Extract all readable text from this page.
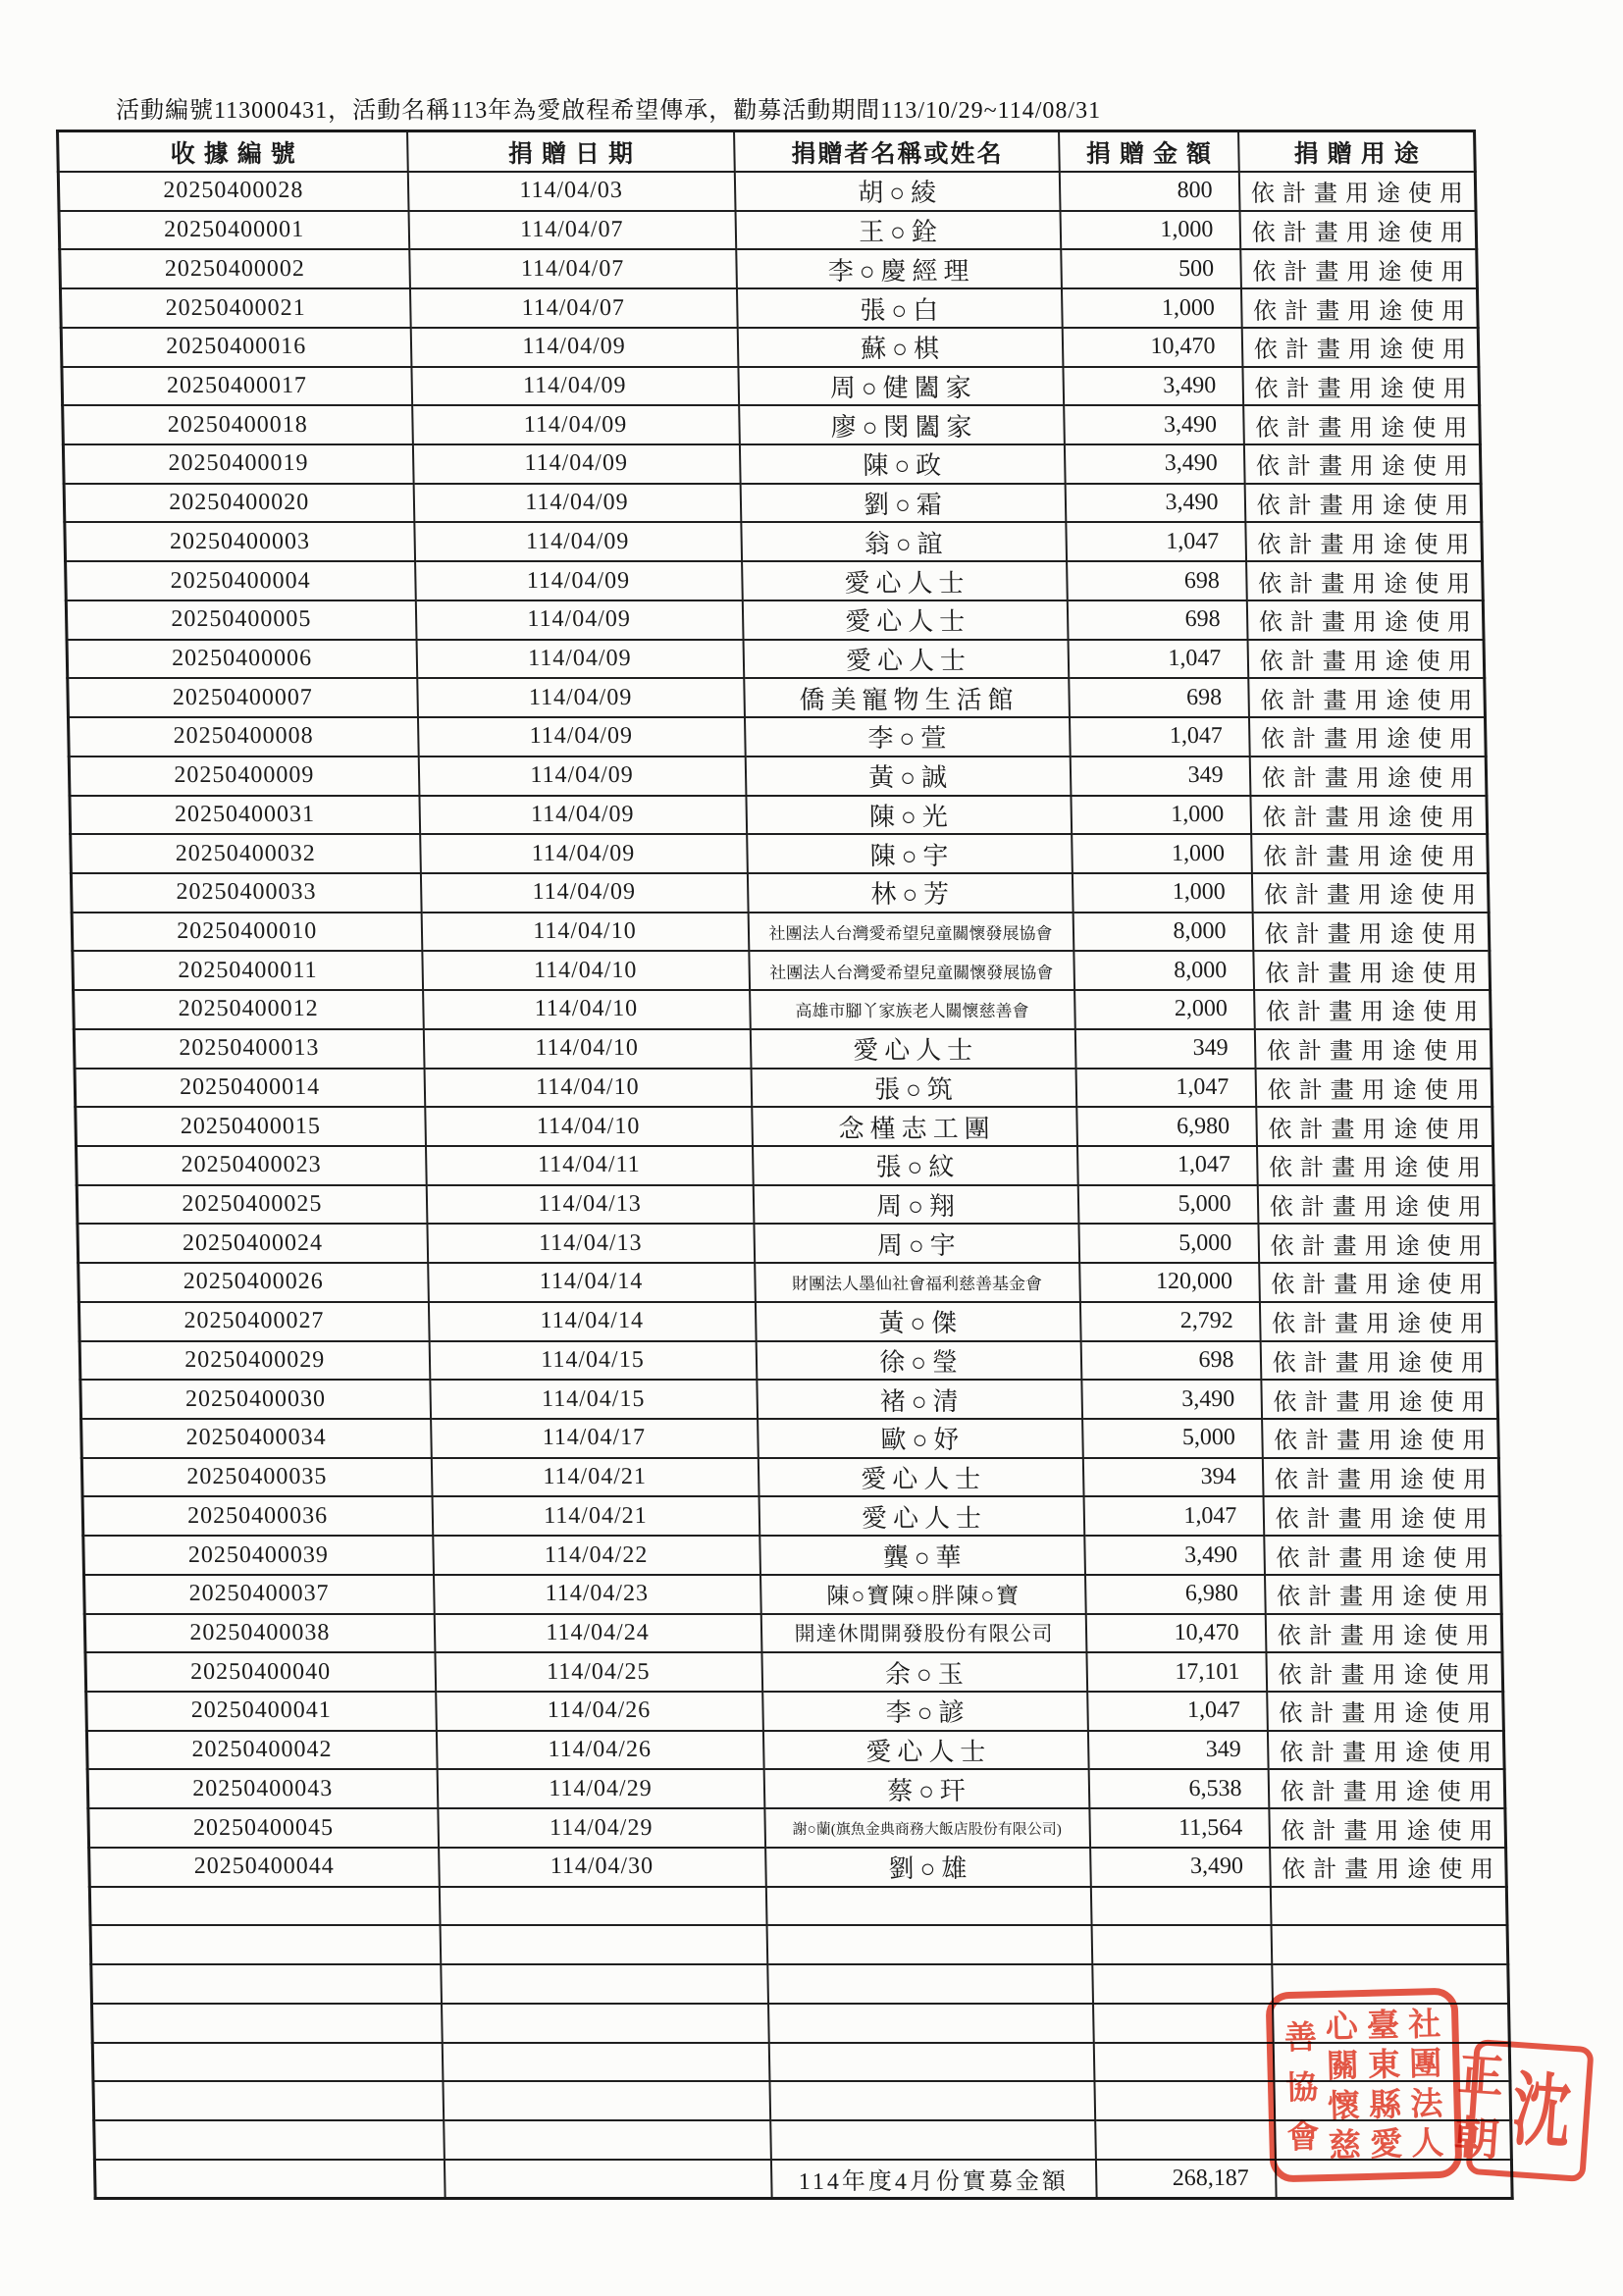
活動編號113000431，活動名稱113年為愛啟程希望傳承，勸募活動期間113/10/29~114/08/31
收據編號	捐贈日期	捐贈者名稱或姓名	捐贈金額	捐贈用途
20250400028	114/04/03	胡○綾	800	依計畫用途使用
20250400001	114/04/07	王○銓	1,000	依計畫用途使用
20250400002	114/04/07	李○慶經理	500	依計畫用途使用
20250400021	114/04/07	張○白	1,000	依計畫用途使用
20250400016	114/04/09	蘇○棋	10,470	依計畫用途使用
20250400017	114/04/09	周○健闔家	3,490	依計畫用途使用
20250400018	114/04/09	廖○閔闔家	3,490	依計畫用途使用
20250400019	114/04/09	陳○政	3,490	依計畫用途使用
20250400020	114/04/09	劉○霜	3,490	依計畫用途使用
20250400003	114/04/09	翁○誼	1,047	依計畫用途使用
20250400004	114/04/09	愛心人士	698	依計畫用途使用
20250400005	114/04/09	愛心人士	698	依計畫用途使用
20250400006	114/04/09	愛心人士	1,047	依計畫用途使用
20250400007	114/04/09	僑美寵物生活館	698	依計畫用途使用
20250400008	114/04/09	李○萱	1,047	依計畫用途使用
20250400009	114/04/09	黃○誠	349	依計畫用途使用
20250400031	114/04/09	陳○光	1,000	依計畫用途使用
20250400032	114/04/09	陳○宇	1,000	依計畫用途使用
20250400033	114/04/09	林○芳	1,000	依計畫用途使用
20250400010	114/04/10	社團法人台灣愛希望兒童關懷發展協會	8,000	依計畫用途使用
20250400011	114/04/10	社團法人台灣愛希望兒童關懷發展協會	8,000	依計畫用途使用
20250400012	114/04/10	高雄市腳丫家族老人關懷慈善會	2,000	依計畫用途使用
20250400013	114/04/10	愛心人士	349	依計畫用途使用
20250400014	114/04/10	張○筑	1,047	依計畫用途使用
20250400015	114/04/10	念槿志工團	6,980	依計畫用途使用
20250400023	114/04/11	張○紋	1,047	依計畫用途使用
20250400025	114/04/13	周○翔	5,000	依計畫用途使用
20250400024	114/04/13	周○宇	5,000	依計畫用途使用
20250400026	114/04/14	財團法人墨仙社會福利慈善基金會	120,000	依計畫用途使用
20250400027	114/04/14	黃○傑	2,792	依計畫用途使用
20250400029	114/04/15	徐○瑩	698	依計畫用途使用
20250400030	114/04/15	褚○清	3,490	依計畫用途使用
20250400034	114/04/17	歐○妤	5,000	依計畫用途使用
20250400035	114/04/21	愛心人士	394	依計畫用途使用
20250400036	114/04/21	愛心人士	1,047	依計畫用途使用
20250400039	114/04/22	龔○華	3,490	依計畫用途使用
20250400037	114/04/23	陳○寶陳○胖陳○寶	6,980	依計畫用途使用
20250400038	114/04/24	開達休閒開發股份有限公司	10,470	依計畫用途使用
20250400040	114/04/25	余○玉	17,101	依計畫用途使用
20250400041	114/04/26	李○諺	1,047	依計畫用途使用
20250400042	114/04/26	愛心人士	349	依計畫用途使用
20250400043	114/04/29	蔡○玕	6,538	依計畫用途使用
20250400045	114/04/29	謝○蘭(旗魚金典商務大飯店股份有限公司)	11,564	依計畫用途使用
20250400044	114/04/30	劉○雄	3,490	依計畫用途使用

		114年度4月份實募金額	268,187	
社
團
法
人
臺
東
縣
愛
心
關
懷
慈
善
協
會 沈
正
朝
